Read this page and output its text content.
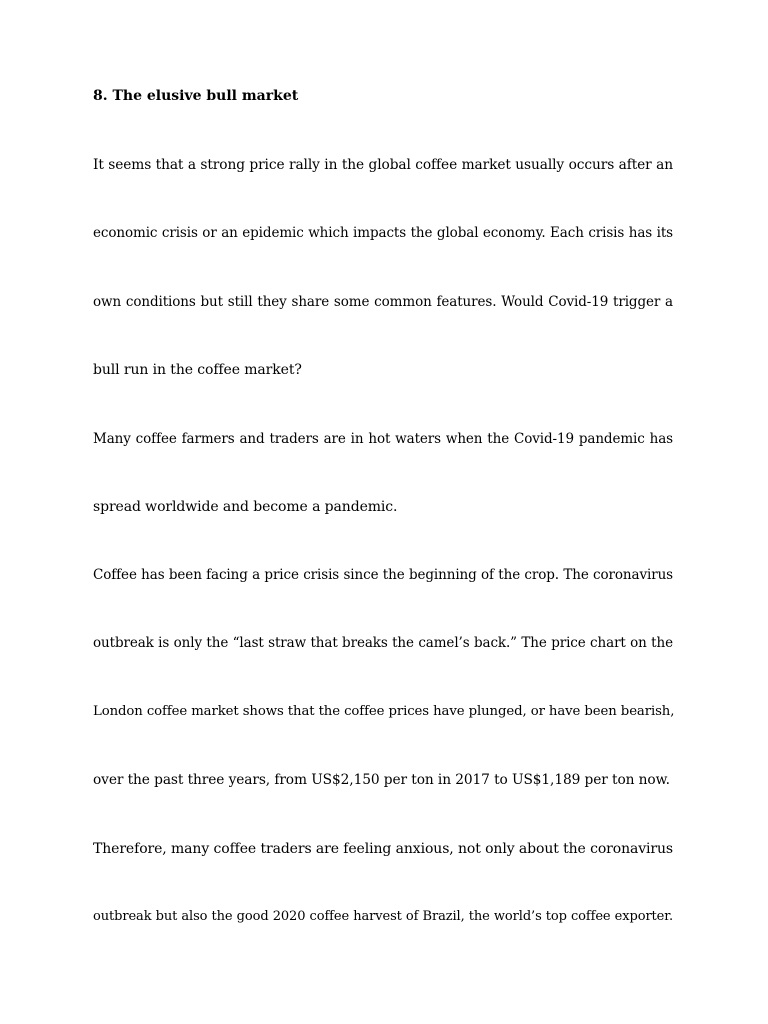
8. The elusive bull market
It seems that a strong price rally in the global coffee market usually occurs after an
economic crisis or an epidemic which impacts the global economy. Each crisis has its
own conditions but still they share some common features. Would Covid-19 trigger a
bull run in the coffee market?
Many coffee farmers and traders are in hot waters when the Covid-19 pandemic has
spread worldwide and become a pandemic.
Coffee has been facing a price crisis since the beginning of the crop. The coronavirus
outbreak is only the “last straw that breaks the camel’s back.” The price chart on the
London coffee market shows that the coffee prices have plunged, or have been bearish,
over the past three years, from US$2,150 per ton in 2017 to US$1,189 per ton now.
Therefore, many coffee traders are feeling anxious, not only about the coronavirus
outbreak but also the good 2020 coffee harvest of Brazil, the world’s top coffee exporter.
